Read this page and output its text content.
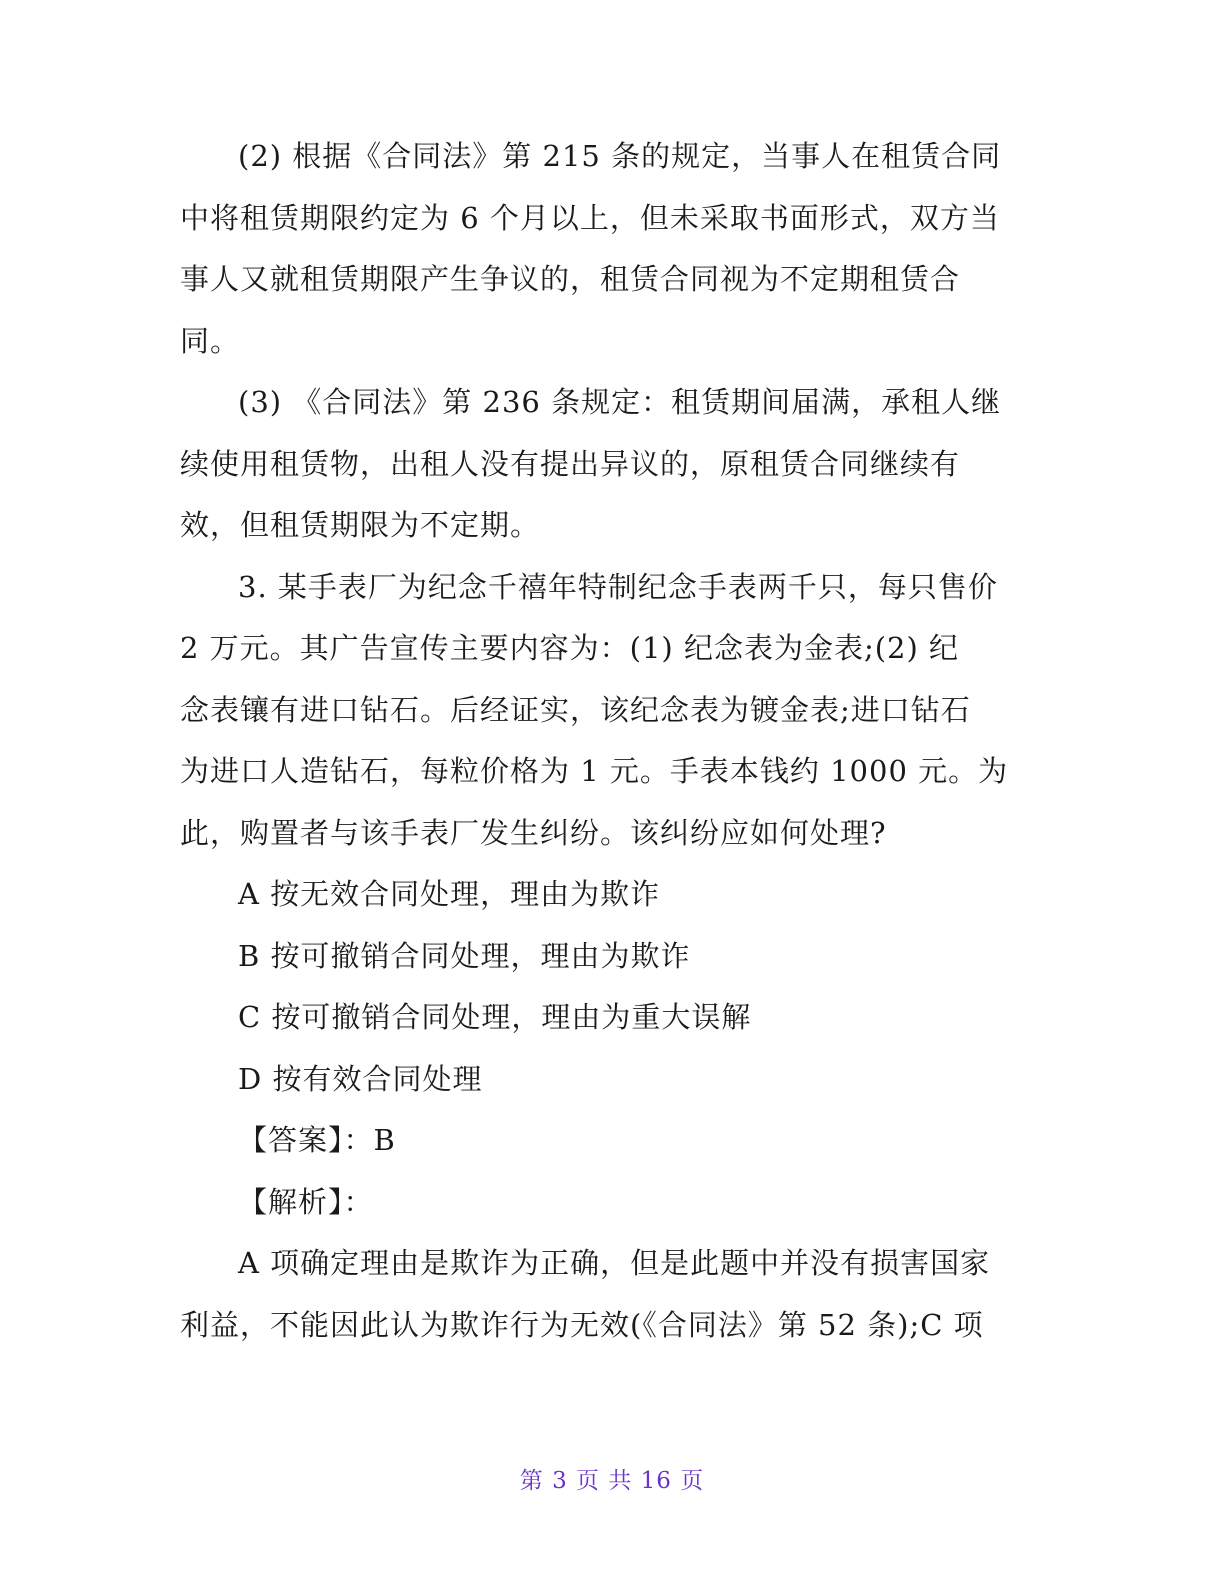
(2) 根据《合同法》第 215 条的规定，当事人在租赁合同
中将租赁期限约定为 6 个月以上，但未采取书面形式，双方当
事人又就租赁期限产生争议的，租赁合同视为不定期租赁合
同。
(3) 《合同法》第 236 条规定：租赁期间届满，承租人继
续使用租赁物，出租人没有提出异议的，原租赁合同继续有
效，但租赁期限为不定期。
3. 某手表厂为纪念千禧年特制纪念手表两千只，每只售价
2 万元。其广告宣传主要内容为：(1) 纪念表为金表;(2) 纪
念表镶有进口钻石。后经证实，该纪念表为镀金表;进口钻石
为进口人造钻石，每粒价格为 1 元。手表本钱约 1000 元。为
此，购置者与该手表厂发生纠纷。该纠纷应如何处理?
A 按无效合同处理，理由为欺诈
B 按可撤销合同处理，理由为欺诈
C 按可撤销合同处理，理由为重大误解
D 按有效合同处理
【答案】：B
【解析】：
A 项确定理由是欺诈为正确，但是此题中并没有损害国家
利益，不能因此认为欺诈行为无效(《合同法》第 52 条);C 项
第 3 页 共 16 页
